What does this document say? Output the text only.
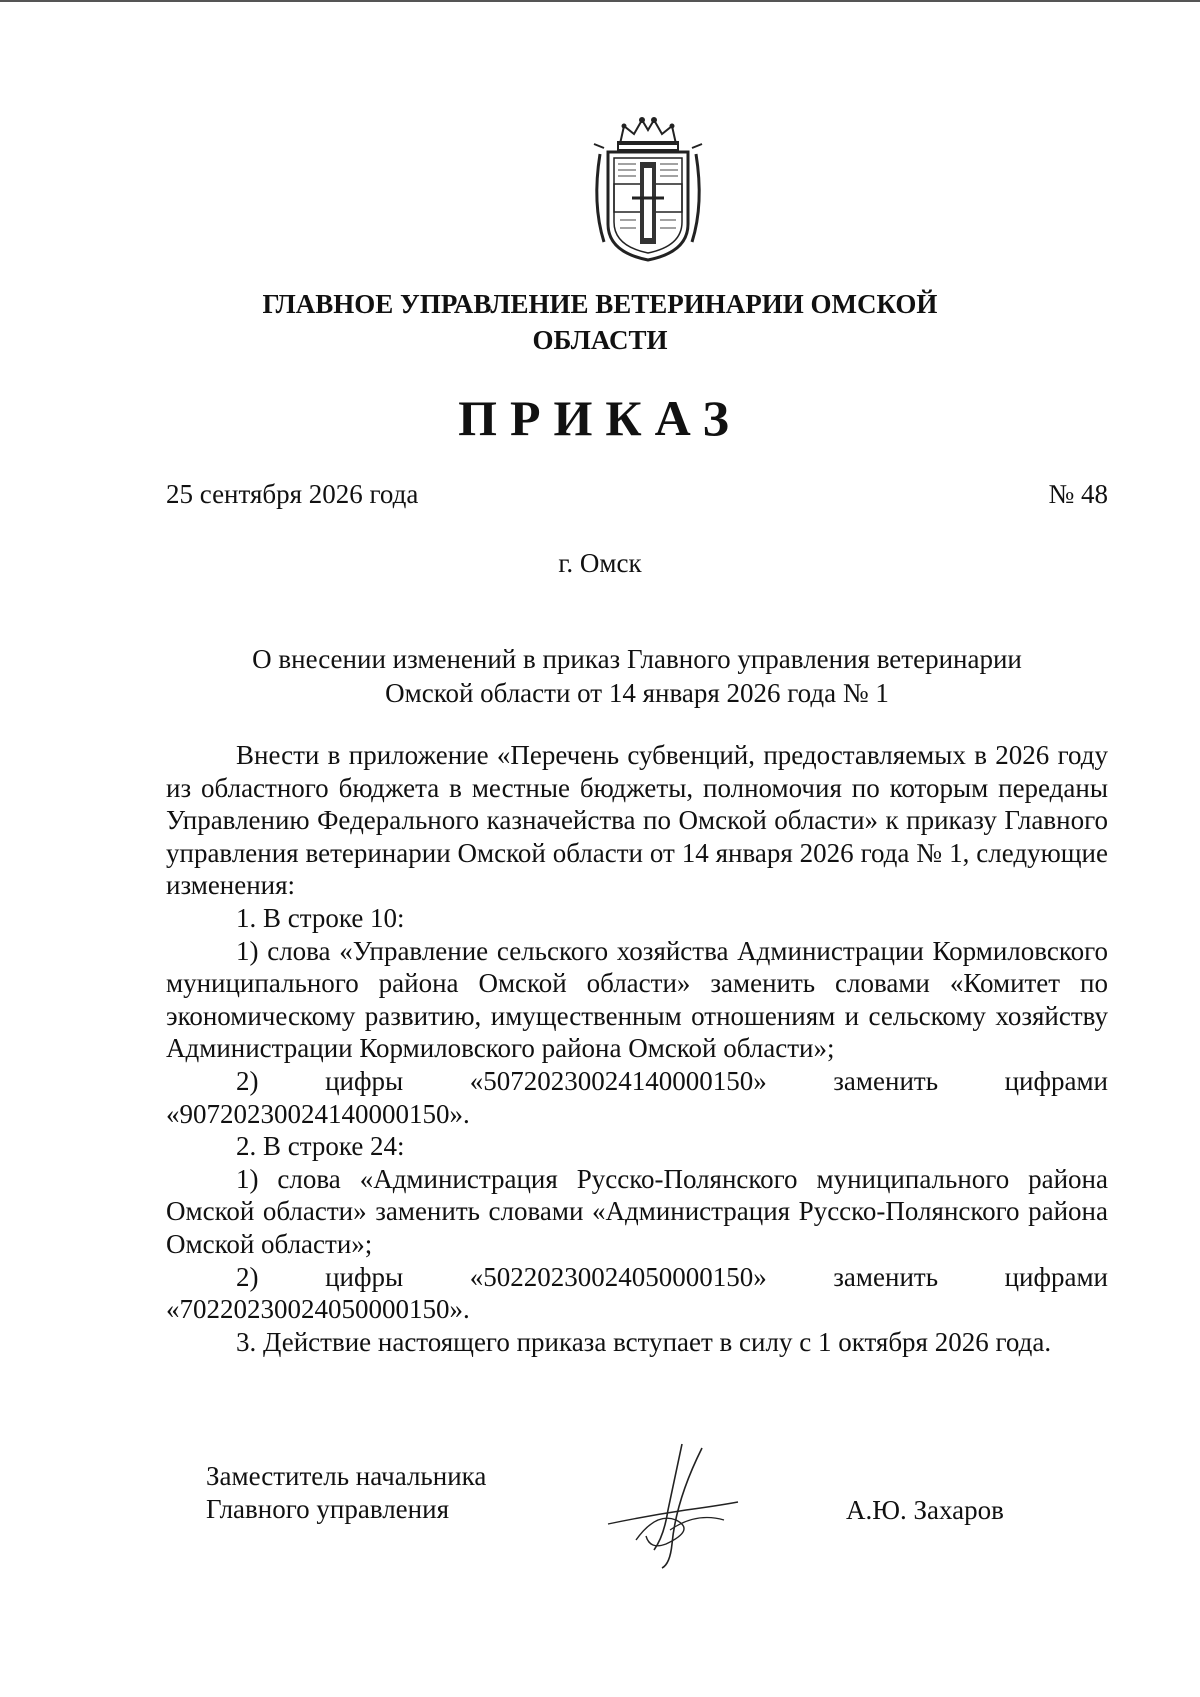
ГЛАВНОЕ УПРАВЛЕНИЕ ВЕТЕРИНАРИИ ОМСКОЙ
ОБЛАСТИ
ПРИКАЗ
25 сентября 2026 года	№ 48
г. Омск
О внесении изменений в приказ Главного управления ветеринарии
Омской области от 14 января 2026 года № 1

Внести в приложение «Перечень субвенций, предоставляемых в 2026 году из областного бюджета в местные бюджеты, полномочия по которым переданы Управлению Федерального казначейства по Омской области» к приказу Главного управления ветеринарии Омской области от 14 января 2026 года № 1, следующие изменения:

1. В строке 10:

1) слова «Управление сельского хозяйства Администрации Кормиловского муниципального района Омской области» заменить словами «Комитет по экономическому развитию, имущественным отношениям и сельскому хозяйству Администрации Кормиловского района Омской области»;

2) цифры «50720230024140000150» заменить цифрами «90720230024140000150».

2. В строке 24:

1) слова «Администрация Русско-Полянского муниципального района Омской области» заменить словами «Администрация Русско-Полянского района Омской области»;

2) цифры «50220230024050000150» заменить цифрами «70220230024050000150».

3. Действие настоящего приказа вступает в силу с 1 октября 2026 года.

Заместитель начальника
Главного управления	А.Ю. Захаров
